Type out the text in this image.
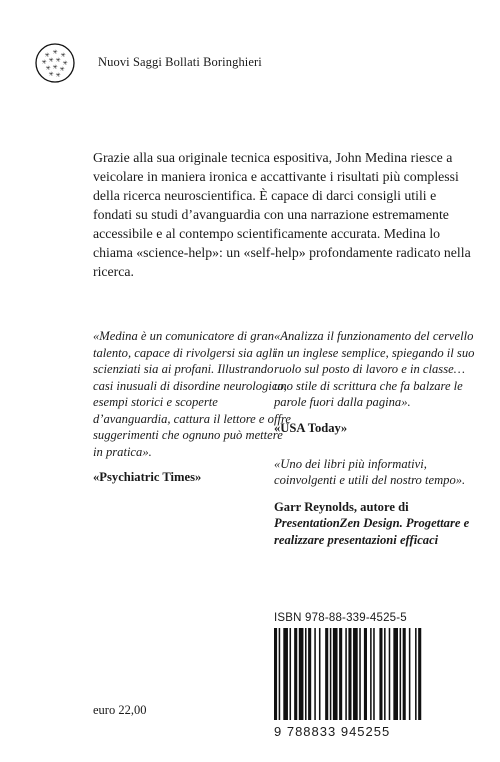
✳ ✳ ✳
✳ ✳ ✳ ✳
✳ ✳ ✳
✳ ✳
Nuovi Saggi Bollati Boringhieri

Grazie alla sua originale tecnica espositiva, John Medina riesce a veicolare in maniera ironica e accattivante i risultati più complessi della ricerca neuroscientifica. È capace di darci consigli utili e fondati su studi d’avanguardia con una narrazione estremamente accessibile e al contempo scientificamente accurata. Medina lo chiama «science-help»: un «self-help» profondamente radicato nella ricerca.

«Medina è un comunicatore di gran talento, capace di rivolgersi sia agli scienziati sia ai profani. Illustrando casi inusuali di disordine neurologico, esempi storici e scoperte d’avanguardia, cattura il lettore e offre suggerimenti che ognuno può mettere in pratica».

«Psychiatric Times»

«Analizza il funzionamento del cervello in un inglese semplice, spiegando il suo ruolo sul posto di lavoro e in classe… uno stile di scrittura che fa balzare le parole fuori dalla pagina».

«USA Today»

«Uno dei libri più informativi, coinvolgenti e utili del nostro tempo».

Garr Reynolds, autore di
PresentationZen Design. Progettare e realizzare presentazioni efficaci

ISBN 978-88-339-4525-5
9 788833 945255
euro 22,00
